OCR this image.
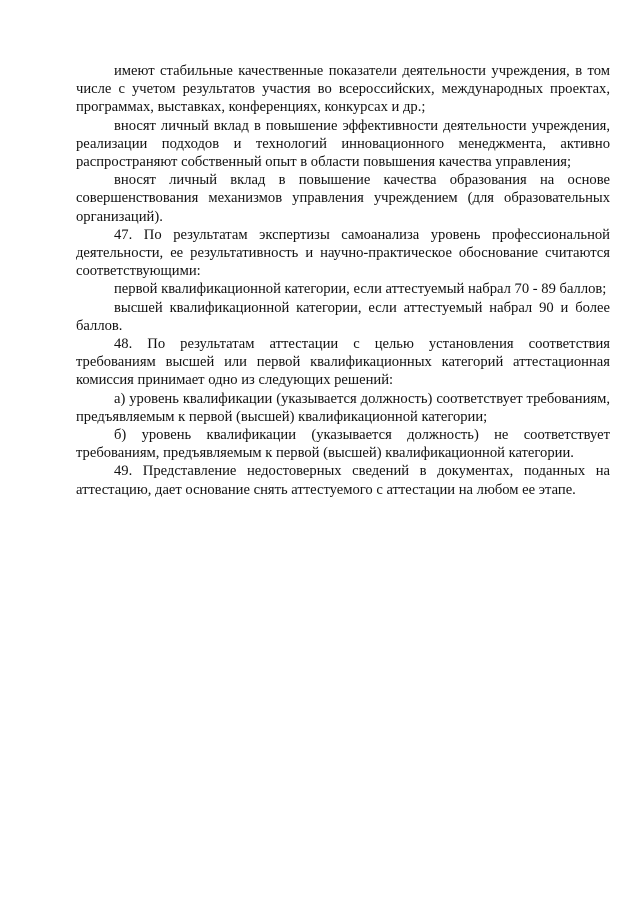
имеют стабильные качественные показатели деятельности учреждения, в том числе с учетом результатов участия во всероссийских, международных проектах, программах, выставках, конференциях, конкурсах и др.;

вносят личный вклад в повышение эффективности деятельности учреждения, реализации подходов и технологий инновационного менеджмента, активно распространяют собственный опыт в области повышения качества управления;

вносят личный вклад в повышение качества образования на основе совершенствования механизмов управления учреждением (для образовательных организаций).

47. По результатам экспертизы самоанализа уровень профессиональной деятельности, ее результативность и научно-практическое обоснование считаются соответствующими:

первой квалификационной категории, если аттестуемый набрал 70 - 89 баллов;

высшей квалификационной категории, если аттестуемый набрал 90 и более баллов.

48. По результатам аттестации с целью установления соответствия требованиям высшей или первой квалификационных категорий аттестационная комиссия принимает одно из следующих решений:

а) уровень квалификации (указывается должность) соответствует требованиям, предъявляемым к первой (высшей) квалификационной категории;

б) уровень квалификации (указывается должность) не соответствует требованиям, предъявляемым к первой (высшей) квалификационной категории.

49. Представление недостоверных сведений в документах, поданных на аттестацию, дает основание снять аттестуемого с аттестации на любом ее этапе.
